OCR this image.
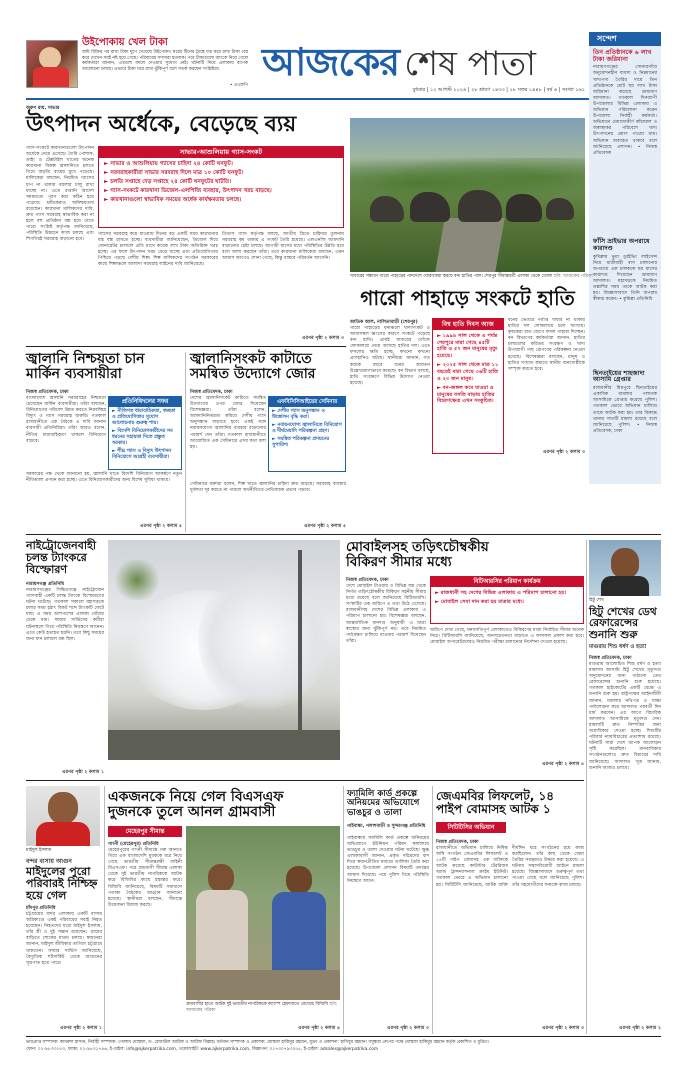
উইপোকায় খেল টাকা
জমি বিক্রির পর রাখা টাকা ঘুণে খেয়েছে উইপোকা। ঘরের টিনের ট্রাঙ্কে যত্ন করে রাখা টাকা বের করে দেখেন সবই নষ্ট হয়ে গেছে। পরিবারের সদস্যরা হতবাক। পরে টাকাগুলো ব্যাংকে নিয়ে গেলে কর্মকর্তারা জানান, এগুলো বদলে দেওয়ার সুযোগ নেই। ঘটনাটি নিয়ে এলাকায় ব্যাপক আলোচনা চলছে। এভাবে টাকা ঘরে রাখা ঝুঁকিপূর্ণ বলে সতর্ক করছেন সংশ্লিষ্টরা।
• এএফপি
আজকের শেষ পাতা
বুধবার | ১২ আগস্ট ২০২৬ | ২৮ শ্রাবণ ১৪৩৩ | ২৮ সফর ১৪৪৮ | বর্ষ ৬ | সংখ্যা ১৬২
সন্দেশ
তিন প্রতিষ্ঠানকে ৬ লাখ টাকা জরিমানা
নারায়ণগঞ্জের সোনারগাঁয়ে অনুমোদনহীন ব্যবসা ও নিম্নমানের খাদ্যপণ্য তৈরির দায়ে তিন প্রতিষ্ঠানকে মোট ছয় লাখ টাকা জরিমানা করেছে ভ্রাম্যমাণ আদালত। গতকাল দিনব্যাপী উপজেলার বিভিন্ন এলাকায় এ অভিযান পরিচালনা করেন উপজেলা নির্বাহী কর্মকর্তা। অভিযানে মেয়াদোত্তীর্ণ কাঁচামাল ও অস্বাস্থ্যকর পরিবেশে খাদ্য উৎপাদনের প্রমাণ পাওয়া যায়। অভিযান অব্যাহত থাকবে বলে জানিয়েছে প্রশাসন। • নিজস্ব প্রতিবেদক
ফাঁসি ভ্রাইভার অপরাধে কারাদণ্ড
কুমিল্লায় ভুয়া ড্রাইভিং লাইসেন্স নিয়ে যাত্রীবাহী বাস চালানোর অপরাধে এক চালককে ছয় মাসের কারাদণ্ড দিয়েছেন ভ্রাম্যমাণ আদালত। মহাসড়কে নিয়মিত তল্লাশির সময় তাকে আটক করা হয়। জিজ্ঞাসাবাদে তিনি অপরাধ স্বীকার করেন। • কুমিল্লা প্রতিনিধি
ছিনতাইয়ের শাহজাদা আসামি গ্রেপ্তার
রাজধানীর মিরপুরে ছিনতাইয়ের একাধিক মামলার পলাতক আসামিকে গ্রেপ্তার করেছে পুলিশ। গতকাল ভোরে অভিযান চালিয়ে তাকে আটক করা হয়। তার বিরুদ্ধে থানায় সাতটি মামলা রয়েছে বলে জানিয়েছে পুলিশ। • নিজস্ব প্রতিবেদক, ঢাকা
অরুণ রায়, সাভার
উৎপাদন অর্ধেকে, বেড়েছে ব্যয়
গ্যাস-সংকটে কারখানাগুলো উৎপাদন অর্ধেকে নেমে এসেছে। তৈরি পোশাক, ডাইং ও টেক্সটাইল খাতের অনেক কারখানা বিকল্প জ্বালানিতে চলতে গিয়ে বাড়তি ব্যয়ের মুখে পড়েছে। মালিকেরা বলছেন, নিয়মিত গ্যাসের চাপ না থাকায় বয়লার চালু রাখা যাচ্ছে না। এতে রপ্তানি আদেশ সময়মতো পূরণ করা কঠিন হয়ে পড়েছে। শ্রমিকেরাও অনিশ্চয়তায় রয়েছেন। কারখানা মালিকদের দাবি, দ্রুত গ্যাস সরবরাহ স্বাভাবিক করা না হলে বহু প্রতিষ্ঠান বন্ধ হয়ে যেতে পারে। সংশ্লিষ্ট কর্তৃপক্ষ জানিয়েছে, পরিস্থিতি উন্নয়নে কাজ চলছে এবং শিগগিরই সরবরাহ বাড়ানো হবে।
সাভার-আশুলিয়ায় গ্যাস-সংকট
► সাভার ও আশুলিয়ায় গ্যাসের চাহিদা ২৪ কোটি ঘনফুট।
► সরবরাহকারীরা সাভার সরবরাহ দিলে মাত্র ১০ কোটি ঘনফুট।
► চলতি সপ্তাহে দেড় সপ্তাহে ২৪ কোটি ঘনফুটের ঘাটতি।
► গ্যাস-সংকটে কারখানা ডিজেল-এলপিজি ব্যবহার, উৎপাদন খরচ বাড়ছে।
► কারখানাগুলো স্বাভাবিক সময়ের অর্ধেক কার্যক্ষমতায় চলছে।
গ্যাসের সরবরাহ কমে যাওয়ায় দিনের বড় একটি সময় কারখানার যন্ত্র বন্ধ রাখতে হচ্ছে। ব্যবসায়ীরা জানিয়েছেন, ডিজেল দিয়ে জেনারেটর চালালে প্রতি মাসে কয়েক লাখ টাকা অতিরিক্ত খরচ হচ্ছে। এর ফলে উৎপাদন খরচ বেড়ে যাচ্ছে এবং প্রতিযোগিতায় পিছিয়ে পড়ছে দেশীয় শিল্প। শিল্প মালিকদের সংগঠন সরকারের কাছে শিল্পাঞ্চলে আলাদা সরবরাহ লাইনের দাবি জানিয়েছে।
তিতাস গ্যাস কর্তৃপক্ষ বলছে, জাতীয় গ্রিডে চাহিদার তুলনায় সরবরাহ কম থাকায় এ সংকট তৈরি হয়েছে। এলএনজি আমদানি বাড়ানোর চেষ্টা চলছে। আগামী মাসের মধ্যে পরিস্থিতির উন্নতি হবে বলে আশা করছেন তাঁরা। তবে কারখানা মালিকেরা বলছেন, এমন আশ্বাস আগেও শোনা গেছে, কিন্তু বাস্তবে পরিবর্তন আসেনি।
এরপর পৃষ্ঠা ২ কলাম ৩
খাবারের সন্ধানে গারো পাহাড়ের পাদদেশে ঘোরাফেরা করছে বন্য হাতির পাল। শেরপুর সীমান্তবর্তী এলাকা থেকে তোলা ছবি: আজকের পত্রিকা
গারো পাহাড়ে সংকটে হাতি
আতিক আল, নালিতাবাড়ী (শেরপুর)
গারো পাহাড়ের বনাঞ্চলে খাদ্যসংকট ও আবাসস্থল ধ্বংসের কারণে সংকটে পড়েছে বন্য হাতি। প্রায়ই খাবারের খোঁজে লোকালয়ে নেমে আসছে হাতির দল। এতে ফসলের ক্ষতি হচ্ছে, কখনো কখনো প্রাণহানিও ঘটছে। স্থানীয়রা জানান, গত কয়েক বছরে বনের আয়তন উল্লেখযোগ্যভাবে কমেছে। বন বিভাগ বলছে, হাতি সংরক্ষণে বিভিন্ন উদ্যোগ নেওয়া হয়েছে।
বিশ্ব হাতি দিবস আজ
► ১৯৯৪ সাল থেকে এ পর্যন্ত শেরপুরে মারা গেছে ৪৫টি হাতি ও ৫৭ জন মানুষের মৃত্যু হয়েছে।
► ২০২৫ সাল থেকে মাত্র ১১ বছরেই মারা গেছে ৩৬টি হাতি ও ২৩ জন মানুষ।
► বন-জঙ্গল কমে যাওয়া ও মানুষের বসতি বাড়ায় হাতির বিচরণক্ষেত্র এখন সংকুচিত।
বনের ভেতরে পর্যাপ্ত খাবার না থাকায় হাতির দল লোকালয়ে চলে আসছে। কৃষকেরা রাত জেগে ফসল পাহারা দিচ্ছেন। বন বিভাগের কর্মকর্তারা জানান, হাতির চলাচলের করিডর সংরক্ষণ ও খাদ্য উপযোগী গাছ রোপণের পরিকল্পনা নেওয়া হয়েছে। বিশেষজ্ঞরা বলছেন, মানুষ ও হাতির সংঘাত কমাতে স্থানীয় জনগোষ্ঠীকে সম্পৃক্ত করতে হবে।
এরপর পৃষ্ঠা ২ কলাম ৩
জ্বালানি নিশ্চয়তা চান
মার্কিন ব্যবসায়ীরা
নিজস্ব প্রতিবেদক, ঢাকা
বাংলাদেশে জ্বালানি সরবরাহের নিশ্চয়তা চেয়েছেন মার্কিন ব্যবসায়ীরা। তাঁরা বলছেন, বিনিয়োগের পরিবেশ উন্নত করতে নিরবচ্ছিন্ন বিদ্যুৎ ও গ্যাস সরবরাহ জরুরি। গতকাল রাজধানীতে এক বৈঠকে এ দাবি জানান ব্যবসায়ী প্রতিনিধিরা। তাঁরা আরও বলেন, নীতির ধারাবাহিকতা থাকলে বিনিয়োগ বাড়বে।
প্রতিনিধিদলের সফর
► নীতিগত ধারাবাহিকতা, স্বচ্ছতা ও প্রতিযোগিতার সুযোগ আলোচনায় গুরুত্ব পায়।
► বিদেশি বিনিয়োগকারীদের সব ধরনের সহায়তা দিতে প্রস্তুত সরকার।
► শীঘ্র গ্যাস ও বিদ্যুৎ উৎপাদন বিনিয়োগে আগ্রহী ব্যবসায়ীরা।
সরকারের পক্ষ থেকে জানানো হয়, জ্বালানি খাতে বিদেশি বিনিয়োগ আকর্ষণে নতুন নীতিমালা প্রণয়ন করা হচ্ছে। এতে বিনিয়োগকারীদের জন্য বিশেষ সুবিধা থাকবে।
এরপর পৃষ্ঠা ২ কলাম ৫
জ্বালানিসংকট কাটাতে
সমন্বিত উদ্যোগে জোর
নিজস্ব প্রতিবেদক, ঢাকা
দেশের জ্বালানিসংকট কাটাতে সমন্বিত উদ্যোগের ওপর জোর দিয়েছেন বিশেষজ্ঞরা। তাঁরা বলেন, আমদানিনির্ভরতা কমিয়ে দেশীয় গ্যাস অনুসন্ধান বাড়াতে হবে। একই সঙ্গে নবায়নযোগ্য জ্বালানির ব্যবহার বাড়ানোর পরামর্শ দেন তাঁরা। গতকাল রাজধানীতে আয়োজিত এক সেমিনারে এসব কথা বলা হয়।
এফবিসিসিআইয়ের সেমিনার
► দেশীয় গ্যাস অনুসন্ধান ও উত্তোলন বৃদ্ধি করা।
► নবায়নযোগ্য জ্বালানিতে বিনিয়োগ ও দীর্ঘমেয়াদি পরিকল্পনা গ্রহণ।
► সমন্বিত পরিকল্পনা প্রণয়নের সুপারিশ।
সেমিনারে বক্তারা বলেন, শিল্প খাতে জ্বালানির চাহিদা দ্রুত বাড়ছে। সরবরাহ ব্যবস্থার দুর্বলতা দূর করতে না পারলে অর্থনীতিতে নেতিবাচক প্রভাব পড়বে।
এরপর পৃষ্ঠা ২ কলাম ৫
নাইট্রোজেনবাহী
চলন্ত ট্যাংকরে
বিস্ফোরণ
নারায়ণগঞ্জ প্রতিনিধি
নারায়ণগঞ্জের সিদ্ধিরগঞ্জে নাইট্রোজেন গ্যাসবাহী একটি চলন্ত ট্যাংকে বিস্ফোরণের ঘটনা ঘটেছে। গতকাল সকালে মহাসড়কে চলার সময় হঠাৎ বিকট শব্দে ট্যাংকটি ফেটে যায়। এ সময় আশপাশের এলাকা ধোঁয়ায় ঢেকে যায়। ফায়ার সার্ভিসের কর্মীরা ঘটনাস্থলে গিয়ে পরিস্থিতি নিয়ন্ত্রণে আনেন। এতে কেউ হতাহত হয়নি। তবে কিছু সময়ের জন্য যান চলাচল বন্ধ ছিল।
এরপর পৃষ্ঠা ২ কলাম ১
মোবাইলসহ তড়িৎচৌম্বকীয়
বিকিরণ সীমার মধ্যে
নিজস্ব প্রতিবেদক, ঢাকা
দেশে মোবাইল টাওয়ার ও বিভিন্ন যন্ত্র থেকে নির্গত তড়িৎচৌম্বকীয় বিকিরণ সহনীয় সীমার মধ্যে রয়েছে বলে জানিয়েছে বিটিআরসি। সংস্থাটির এক জরিপে এ তথ্য উঠে এসেছে। রাজধানীসহ দেশের বিভিন্ন এলাকায় এ পরিমাপ চালানো হয়। বিশেষজ্ঞরা বলছেন, আন্তর্জাতিক মানদণ্ড অনুযায়ী এ মাত্রা স্বাস্থ্যের জন্য ঝুঁকিপূর্ণ নয়। তবে নিয়মিত পর্যবেক্ষণ চালিয়ে যাওয়ার পরামর্শ দিয়েছেন তাঁরা।
বিটিআরসির পরিমাপ কার্যক্রম
► রাজধানী সহ দেশের বিভিন্ন এলাকায় এ পরিমাপ চালানো হয়।
► মোবাইল সেবা দান করা হয় মাত্রার মধ্যে।
জরিপে দেখা গেছে, ঘনবসতিপূর্ণ এলাকাতেও বিকিরণের মাত্রা নির্ধারিত সীমার অনেক নিচে। বিটিআরসি জানিয়েছে, জনসচেতনতা বাড়াতে এ ফলাফল প্রকাশ করা হবে। মোবাইল অপারেটরদেরও নিয়মিত পরীক্ষা চালানোর নির্দেশনা দেওয়া হয়েছে।
এরপর পৃষ্ঠা ২ কলাম ৪
হিটু শেখ
হিটু শেখের ডেথ
রেফারেন্সের
শুনানি শুরু
মাগুরায় শিশু ধর্ষণ ও হত্যা
নিজস্ব প্রতিবেদক, ঢাকা
মাগুরায় আলোচিত শিশু ধর্ষণ ও হত্যা মামলায় আসামি হিটু শেখের মৃত্যুদণ্ড অনুমোদনের জন্য পাঠানো ডেথ রেফারেন্সের শুনানি শুরু হয়েছে। গতকাল হাইকোর্টের একটি বেঞ্চে এ শুনানি শুরু হয়। রাষ্ট্রপক্ষের আইনজীবী জানান, মামলার নথিপত্র ও সাক্ষ্য পর্যালোচনা করে আদালত পরবর্তী দিন ধার্য করবেন। এর আগে বিচারিক আদালত আসামিকে মৃত্যুদণ্ড দেন। মামলাটি দ্রুত নিষ্পত্তির জন্য অগ্রাধিকার দেওয়া হচ্ছে। শিশুটির পরিবার ন্যায়বিচারের প্রত্যাশায় রয়েছে। ঘটনাটি সারা দেশে ব্যাপক আলোড়ন সৃষ্টি করেছিল। মানবাধিকার সংগঠনগুলোও দ্রুত বিচারের দাবি জানিয়েছে। আদালত সূত্র জানায়, শুনানি আজও চলবে।
এরপর পৃষ্ঠা ২ কলাম ২
মাইদুল ইসলাম
বন্দর বাসায় আগুন
মাইদুলের পুরো
পরিবারই নিশ্চিহ্ন
হয়ে গেল
চাঁদপুর প্রতিনিধি
চট্টগ্রামের বন্দর এলাকায় একটি বাসায় অগ্নিকাণ্ডে একই পরিবারের সবাই নিহত হয়েছেন। নিহতদের মধ্যে মাইদুল ইসলাম, তাঁর স্ত্রী ও দুই সন্তান রয়েছেন। গ্রামের বাড়িতে শোকের মাতম চলছে। স্বজনেরা জানান, মাইদুল জীবিকার তাগিদে চট্টগ্রামে থাকতেন। ফায়ার সার্ভিস জানিয়েছে, বৈদ্যুতিক শর্টসার্কিট থেকে আগুনের সূত্রপাত হতে পারে।
এরপর পৃষ্ঠা ২ কলাম ১
একজনকে নিয়ে গেল বিএসএফ
দুজনকে তুলে আনল গ্রামবাসী
মেহেরপুর সীমান্ত
গাংনী (মেহেরপুর) প্রতিনিধি
মেহেরপুরের গাংনী সীমান্তে গরু আনতে গিয়ে এক বাংলাদেশি যুবককে ধরে নিয়ে গেছে ভারতীয় সীমান্তরক্ষী বাহিনী বিএসএফ। পরে গ্রামবাসী সীমান্ত এলাকা থেকে দুই ভারতীয় নাগরিককে আটক করে বিজিবির কাছে হস্তান্তর করে। বিজিবি জানিয়েছে, বিষয়টি সমাধানে পতাকা বৈঠকের আহ্বান জানানো হয়েছে। স্থানীয়রা বলছেন, সীমান্তে উত্তেজনা বিরাজ করছে।
গ্রামবাসীর হাতে আটক দুই ভারতীয় নাগরিককে ক্যাম্পে হেফাজতে রেখেছে বিজিবি ছবি: আজকের পত্রিকা
এরপর পৃষ্ঠা ২ কলাম ৪
ফ্যামিলি কার্ড প্রকল্পে
অনিয়মের অভিযোগে
ভাঙচুর ও তালা
গাইবান্ধা, পলাশবাড়ী ও সুন্দরগঞ্জ প্রতিনিধি
গাইবান্ধায় ফ্যামিলি কার্ড প্রকল্পে অনিয়মের অভিযোগে ইউনিয়ন পরিষদ কার্যালয়ে ভাঙচুর ও তালা দেওয়ার ঘটনা ঘটেছে। ক্ষুব্ধ এলাকাবাসী জানান, প্রকৃত দরিদ্রদের বাদ দিয়ে স্বজনপ্রীতির মাধ্যমে তালিকা তৈরি করা হয়েছে। উপজেলা প্রশাসন বিষয়টি তদন্তের আশ্বাস দিয়েছে। পরে পুলিশ গিয়ে পরিস্থিতি নিয়ন্ত্রণে আনে।
এরপর পৃষ্ঠা ২ কলাম ৩
জেএমবির লিফলেট, ১৪
পাইপ বোমাসহ আটক ১
সিটিটিসির অভিযান
নিজস্ব প্রতিবেদক, ঢাকা
রাজধানীতে অভিযান চালিয়ে নিষিদ্ধ জঙ্গি সংগঠন জেএমবির লিফলেট ও ১৪টি পাইপ বোমাসহ এক ব্যক্তিকে আটক করেছে কাউন্টার টেররিজম অ্যান্ড ট্রান্সন্যাশনাল ক্রাইম ইউনিট। গতকাল ভোরে এ অভিযান চালানো হয়। সিটিটিসি জানিয়েছে, আটক ব্যক্তি দীর্ঘদিন ধরে সংগঠনের হয়ে কাজ করছিলেন। তাঁর কাছ থেকে বোমা তৈরির সরঞ্জামও উদ্ধার করা হয়েছে। এ ঘটনায় সন্ত্রাসবিরোধী আইনে মামলা হয়েছে। জিজ্ঞাসাবাদে গুরুত্বপূর্ণ তথ্য পাওয়া গেছে বলে জানিয়েছে পুলিশ। তাঁর সহযোগীদের শনাক্তে কাজ চলছে।
এরপর পৃষ্ঠা ২ কলাম ৩
ভারপ্রাপ্ত সম্পাদক: কামরুল হাসান, নির্বাহী সম্পাদক: গোলাম মোস্তফা, ড. রেজাউল আরিফ ও আরিফ বিল্লাহ। বর্তমান সম্পাদক ও প্রকাশক: মোস্তফা হাকিমুর রহমান, মুদ্রণ ও প্রকাশনা: হাসিবুর রহমান। বসুন্ধরা গ্রুপের পক্ষে মোস্তফা হাকিমুর রহমান কর্তৃক প্রকাশিত ও মুদ্রিত।
ফোন: ০২-৯৮৩৩১৫৩, ফ্যাক্স: ০২-৯৮৩১৭৪৬, ই-মেইল: info@ajkerpatrika.com, ওয়েবসাইট: www.ajkerpatrika.com, বিজ্ঞাপন: ০১৭৩০৭৯৩০৫৫, ই-মেইল: adsales@ajkerpatrika.com
